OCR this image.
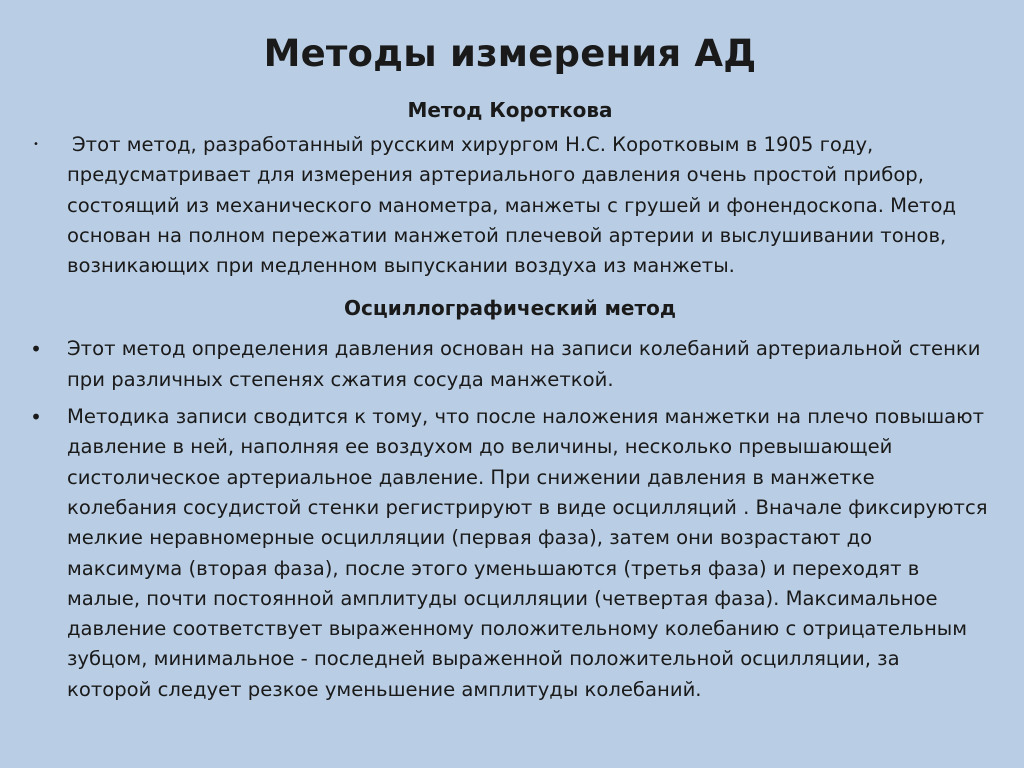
Методы измерения АД
Метод Короткова
• Этот метод, разработанный русским хирургом Н.С. Коротковым в 1905 году, предусматривает для измерения артериального давления очень простой прибор, состоящий из механического манометра, манжеты с грушей и фонендоскопа. Метод основан на полном пережатии манжетой плечевой артерии и выслушивании тонов, возникающих при медленном выпускании воздуха из манжеты.
Осциллографический метод
• Этот метод определения давления основан на записи колебаний артериальной стенки при различных степенях сжатия сосуда манжеткой.
• Методика записи сводится к тому, что после наложения манжетки на плечо повышают давление в ней, наполняя ее воздухом до величины, несколько превышающей систолическое артериальное давление. При снижении давления в манжетке колебания сосудистой стенки регистрируют в виде осцилляций . Вначале фиксируются мелкие неравномерные осцилляции (первая фаза), затем они возрастают до максимума (вторая фаза), после этого уменьшаются (третья фаза) и переходят в малые, почти постоянной амплитуды осцилляции (четвертая фаза). Максимальное давление соответствует выраженному положительному колебанию с отрицательным зубцом, минимальное - последней выраженной положительной осцилляции, за которой следует резкое уменьшение амплитуды колебаний.
